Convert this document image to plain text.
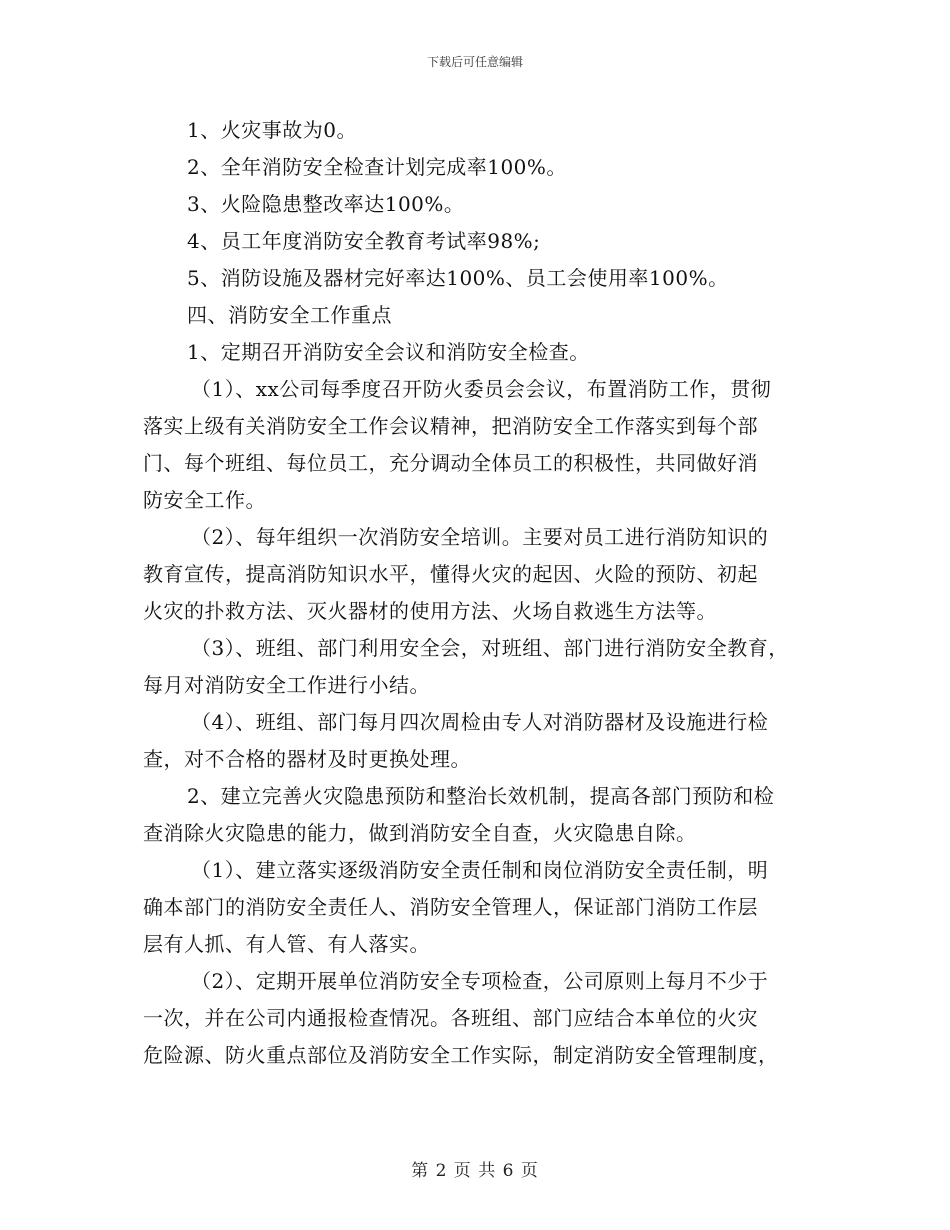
下载后可任意编辑
1、火灾事故为0。
2、全年消防安全检查计划完成率100%。
3、火险隐患整改率达100%。
4、员工年度消防安全教育考试率98%;
5、消防设施及器材完好率达100%、员工会使用率100%。
四、消防安全工作重点
1、定期召开消防安全会议和消防安全检查。
（1）、xx公司每季度召开防火委员会会议，布置消防工作，贯彻
落实上级有关消防安全工作会议精神，把消防安全工作落实到每个部
门、每个班组、每位员工，充分调动全体员工的积极性，共同做好消
防安全工作。
（2）、每年组织一次消防安全培训。主要对员工进行消防知识的
教育宣传，提高消防知识水平，懂得火灾的起因、火险的预防、初起
火灾的扑救方法、灭火器材的使用方法、火场自救逃生方法等。
（3）、班组、部门利用安全会，对班组、部门进行消防安全教育，
每月对消防安全工作进行小结。
（4）、班组、部门每月四次周检由专人对消防器材及设施进行检
查，对不合格的器材及时更换处理。
2、建立完善火灾隐患预防和整治长效机制，提高各部门预防和检
查消除火灾隐患的能力，做到消防安全自查，火灾隐患自除。
（1）、建立落实逐级消防安全责任制和岗位消防安全责任制，明
确本部门的消防安全责任人、消防安全管理人，保证部门消防工作层
层有人抓、有人管、有人落实。
（2）、定期开展单位消防安全专项检查，公司原则上每月不少于
一次，并在公司内通报检查情况。各班组、部门应结合本单位的火灾
危险源、防火重点部位及消防安全工作实际，制定消防安全管理制度，
第 2 页 共 6 页
